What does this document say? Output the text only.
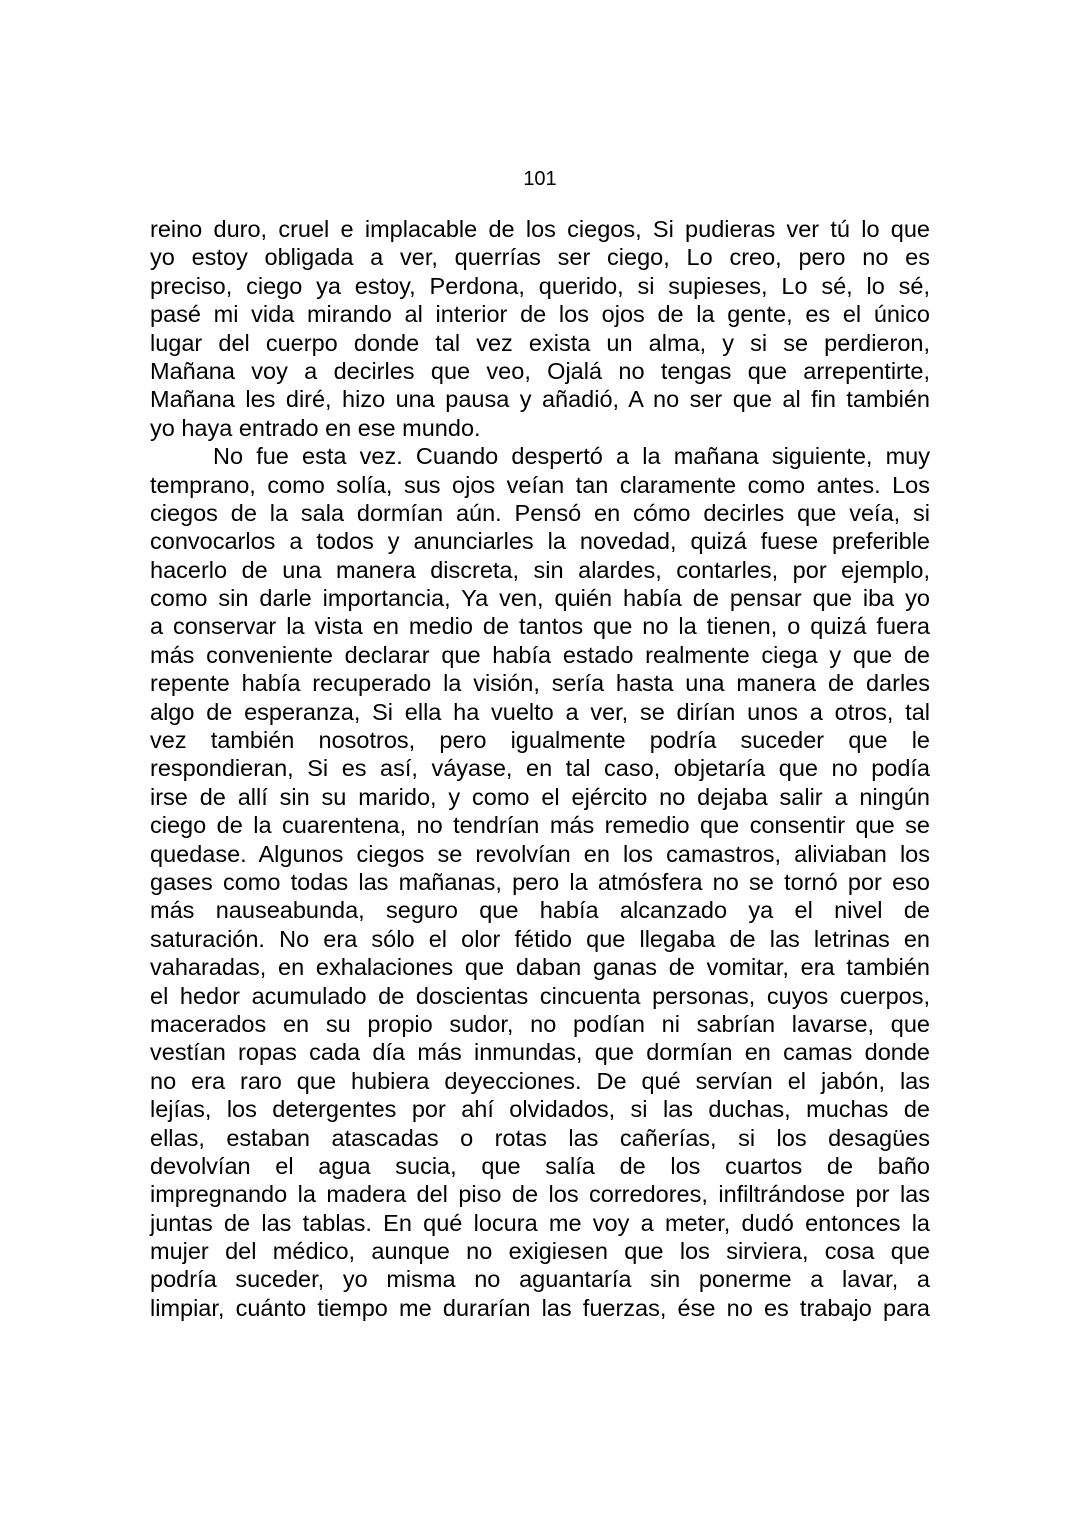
101
reino duro, cruel e implacable de los ciegos, Si pudieras ver tú lo que
yo estoy obligada a ver, querrías ser ciego, Lo creo, pero no es
preciso, ciego ya estoy, Perdona, querido, si supieses, Lo sé, lo sé,
pasé mi vida mirando al interior de los ojos de la gente, es el único
lugar del cuerpo donde tal vez exista un alma, y si se perdieron,
Mañana voy a decirles que veo, Ojalá no tengas que arrepentirte,
Mañana les diré, hizo una pausa y añadió, A no ser que al fin también
yo haya entrado en ese mundo.
No fue esta vez. Cuando despertó a la mañana siguiente, muy
temprano, como solía, sus ojos veían tan claramente como antes. Los
ciegos de la sala dormían aún. Pensó en cómo decirles que veía, si
convocarlos a todos y anunciarles la novedad, quizá fuese preferible
hacerlo de una manera discreta, sin alardes, contarles, por ejemplo,
como sin darle importancia, Ya ven, quién había de pensar que iba yo
a conservar la vista en medio de tantos que no la tienen, o quizá fuera
más conveniente declarar que había estado realmente ciega y que de
repente había recuperado la visión, sería hasta una manera de darles
algo de esperanza, Si ella ha vuelto a ver, se dirían unos a otros, tal
vez también nosotros, pero igualmente podría suceder que le
respondieran, Si es así, váyase, en tal caso, objetaría que no podía
irse de allí sin su marido, y como el ejército no dejaba salir a ningún
ciego de la cuarentena, no tendrían más remedio que consentir que se
quedase. Algunos ciegos se revolvían en los camastros, aliviaban los
gases como todas las mañanas, pero la atmósfera no se tornó por eso
más nauseabunda, seguro que había alcanzado ya el nivel de
saturación. No era sólo el olor fétido que llegaba de las letrinas en
vaharadas, en exhalaciones que daban ganas de vomitar, era también
el hedor acumulado de doscientas cincuenta personas, cuyos cuerpos,
macerados en su propio sudor, no podían ni sabrían lavarse, que
vestían ropas cada día más inmundas, que dormían en camas donde
no era raro que hubiera deyecciones. De qué servían el jabón, las
lejías, los detergentes por ahí olvidados, si las duchas, muchas de
ellas, estaban atascadas o rotas las cañerías, si los desagües
devolvían el agua sucia, que salía de los cuartos de baño
impregnando la madera del piso de los corredores, infiltrándose por las
juntas de las tablas. En qué locura me voy a meter, dudó entonces la
mujer del médico, aunque no exigiesen que los sirviera, cosa que
podría suceder, yo misma no aguantaría sin ponerme a lavar, a
limpiar, cuánto tiempo me durarían las fuerzas, ése no es trabajo para
